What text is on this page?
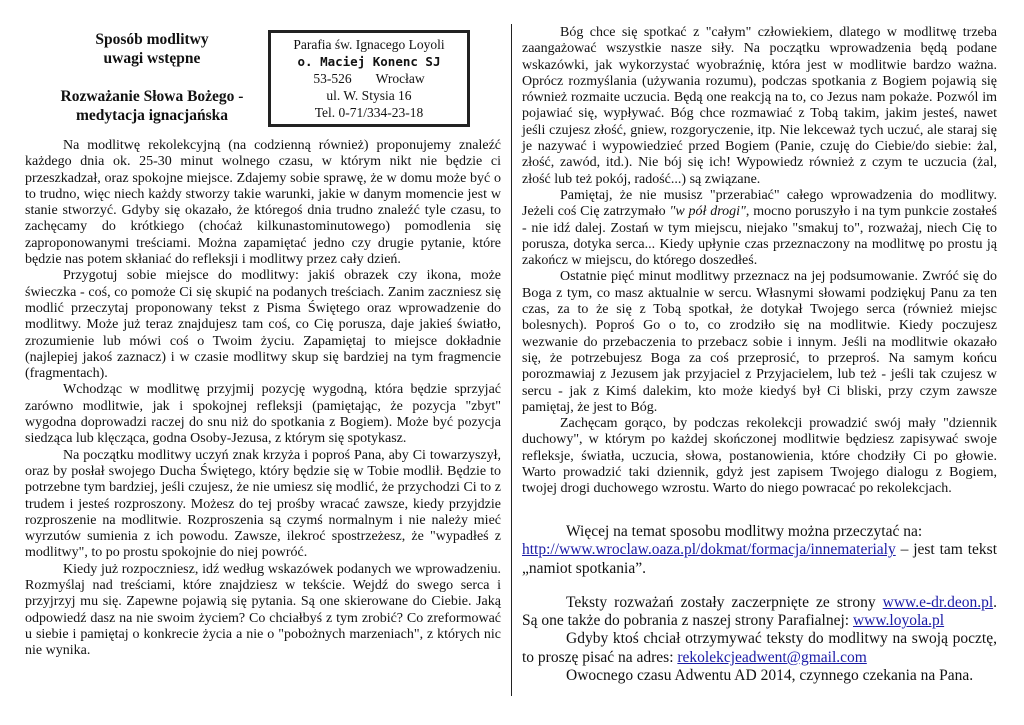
Sposób modlitwy
uwagi wstępne
Rozważanie Słowa Bożego -
medytacja ignacjańska
Parafia św. Ignacego Loyoli
o. Maciej Konenc SJ
53-526 Wrocław
ul. W. Stysia 16
Tel. 0-71/334-23-18

Na modlitwę rekolekcyjną (na codzienną również) proponujemy znaleźć każdego dnia ok. 25-30 minut wolnego czasu, w którym nikt nie będzie ci przeszkadzał, oraz spokojne miejsce. Zdajemy sobie sprawę, że w domu może być o to trudno, więc niech każdy stworzy takie warunki, jakie w danym momencie jest w stanie stworzyć. Gdyby się okazało, że któregoś dnia trudno znaleźć tyle czasu, to zachęcamy do krótkiego (choćaż kilkunastominutowego) pomodlenia się zaproponowanymi treściami. Można zapamiętać jedno czy drugie pytanie, które będzie nas potem skłaniać do refleksji i modlitwy przez cały dzień.

Przygotuj sobie miejsce do modlitwy: jakiś obrazek czy ikona, może świeczka - coś, co pomoże Ci się skupić na podanych treściach. Zanim zaczniesz się modlić przeczytaj proponowany tekst z Pisma Świętego oraz wprowadzenie do modlitwy. Może już teraz znajdujesz tam coś, co Cię porusza, daje jakieś światło, zrozumienie lub mówi coś o Twoim życiu. Zapamiętaj to miejsce dokładnie (najlepiej jakoś zaznacz) i w czasie modlitwy skup się bardziej na tym fragmencie (fragmentach).

Wchodząc w modlitwę przyjmij pozycję wygodną, która będzie sprzyjać zarówno modlitwie, jak i spokojnej refleksji (pamiętając, że pozycja "zbyt" wygodna doprowadzi raczej do snu niż do spotkania z Bogiem). Może być pozycja siedząca lub klęcząca, godna Osoby-Jezusa, z którym się spotykasz.

Na początku modlitwy uczyń znak krzyża i poproś Pana, aby Ci towarzyszył, oraz by posłał swojego Ducha Świętego, który będzie się w Tobie modlił. Będzie to potrzebne tym bardziej, jeśli czujesz, że nie umiesz się modlić, że przychodzi Ci to z trudem i jesteś rozproszony. Możesz do tej prośby wracać zawsze, kiedy przyjdzie rozproszenie na modlitwie. Rozproszenia są czymś normalnym i nie należy mieć wyrzutów sumienia z ich powodu. Zawsze, ilekroć spostrzeżesz, że "wypadłeś z modlitwy", to po prostu spokojnie do niej powróć.

Kiedy już rozpoczniesz, idź według wskazówek podanych we wprowadzeniu. Rozmyślaj nad treściami, które znajdziesz w tekście. Wejdź do swego serca i przyjrzyj mu się. Zapewne pojawią się pytania. Są one skierowane do Ciebie. Jaką odpowiedź dasz na nie swoim życiem? Co chciałbyś z tym zrobić? Co zreformować u siebie i pamiętaj o konkrecie życia a nie o "pobożnych marzeniach", z których nic nie wynika.

Bóg chce się spotkać z "całym" człowiekiem, dlatego w modlitwę trzeba zaangażować wszystkie nasze siły. Na początku wprowadzenia będą podane wskazówki, jak wykorzystać wyobraźnię, która jest w modlitwie bardzo ważna. Oprócz rozmyślania (używania rozumu), podczas spotkania z Bogiem pojawią się również rozmaite uczucia. Będą one reakcją na to, co Jezus nam pokaże. Pozwól im pojawiać się, wypływać. Bóg chce rozmawiać z Tobą takim, jakim jesteś, nawet jeśli czujesz złość, gniew, rozgoryczenie, itp. Nie lekceważ tych uczuć, ale staraj się je nazywać i wypowiedzieć przed Bogiem (Panie, czuję do Ciebie/do siebie: żal, złość, zawód, itd.). Nie bój się ich! Wypowiedz również z czym te uczucia (żal, złość lub też pokój, radość...) są związane.

Pamiętaj, że nie musisz "przerabiać" całego wprowadzenia do modlitwy. Jeżeli coś Cię zatrzymało "w pół drogi", mocno poruszyło i na tym punkcie zostałeś - nie idź dalej. Zostań w tym miejscu, niejako "smakuj to", rozważaj, niech Cię to porusza, dotyka serca... Kiedy upłynie czas przeznaczony na modlitwę po prostu ją zakończ w miejscu, do którego doszedłeś.

Ostatnie pięć minut modlitwy przeznacz na jej podsumowanie. Zwróć się do Boga z tym, co masz aktualnie w sercu. Własnymi słowami podziękuj Panu za ten czas, za to że się z Tobą spotkał, że dotykał Twojego serca (również miejsc bolesnych). Poproś Go o to, co zrodziło się na modlitwie. Kiedy poczujesz wezwanie do przebaczenia to przebacz sobie i innym. Jeśli na modlitwie okazało się, że potrzebujesz Boga za coś przeprosić, to przeproś. Na samym końcu porozmawiaj z Jezusem jak przyjaciel z Przyjacielem, lub też - jeśli tak czujesz w sercu - jak z Kimś dalekim, kto może kiedyś był Ci bliski, przy czym zawsze pamiętaj, że jest to Bóg.

Zachęcam gorąco, by podczas rekolekcji prowadzić swój mały "dziennik duchowy", w którym po każdej skończonej modlitwie będziesz zapisywać swoje refleksje, światła, uczucia, słowa, postanowienia, które chodziły Ci po głowie. Warto prowadzić taki dziennik, gdyż jest zapisem Twojego dialogu z Bogiem, twojej drogi duchowego wzrostu. Warto do niego powracać po rekolekcjach.

Więcej na temat sposobu modlitwy można przeczytać na:
http://www.wroclaw.oaza.pl/dokmat/formacja/innematerialy – jest tam tekst „namiot spotkania”.

Teksty rozważań zostały zaczerpnięte ze strony www.e-dr.deon.pl. Są one także do pobrania z naszej strony Parafialnej: www.loyola.pl

Gdyby ktoś chciał otrzymywać teksty do modlitwy na swoją pocztę, to proszę pisać na adres: rekolekcjeadwent@gmail.com

Owocnego czasu Adwentu AD 2014, czynnego czekania na Pana.
